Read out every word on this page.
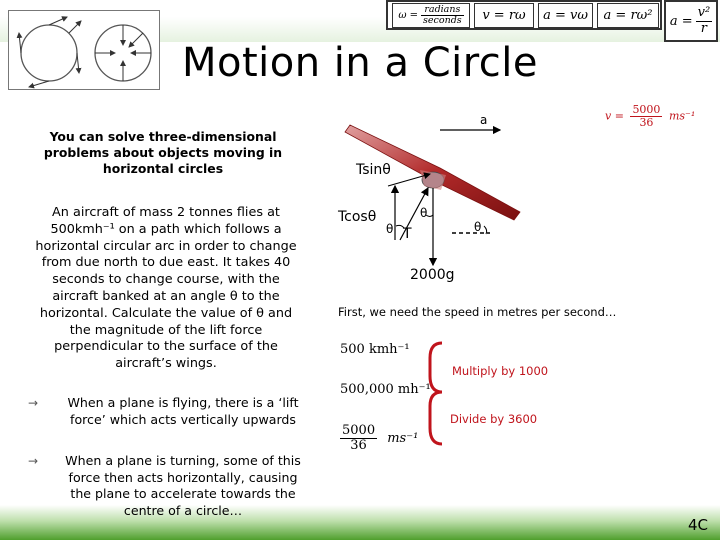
$\omega = \frac{\text{radians}}{\text{seconds}}$ v = rω a = vω a = rω² $a = \frac{\text{v²}}{r}$
Motion in a Circle
You can solve three-dimensional problems about objects moving in horizontal circles
An aircraft of mass 2 tonnes flies at 500kmh⁻¹ on a path which follows a horizontal circular arc in order to change from due north to due east. It takes 40 seconds to change course, with the aircraft banked at an angle θ to the horizontal. Calculate the value of θ and the magnitude of the lift force perpendicular to the surface of the aircraft’s wings.
→	When a plane is flying, there is a ‘lift force’ which acts vertically upwards
→	When a plane is turning, some of this force then acts horizontally, causing the plane to accelerate towards the centre of a circle…
a
Tsinθ
Tcosθ
θ T
θ
θ
2000g
$v = \frac{5000}{36} ms^{-1}$
First, we need the speed in metres per second…
500 kmh⁻¹
500,000 mh⁻¹
$\frac{5000}{36} ms^{-1}$
Multiply by 1000
Divide by 3600
4C
